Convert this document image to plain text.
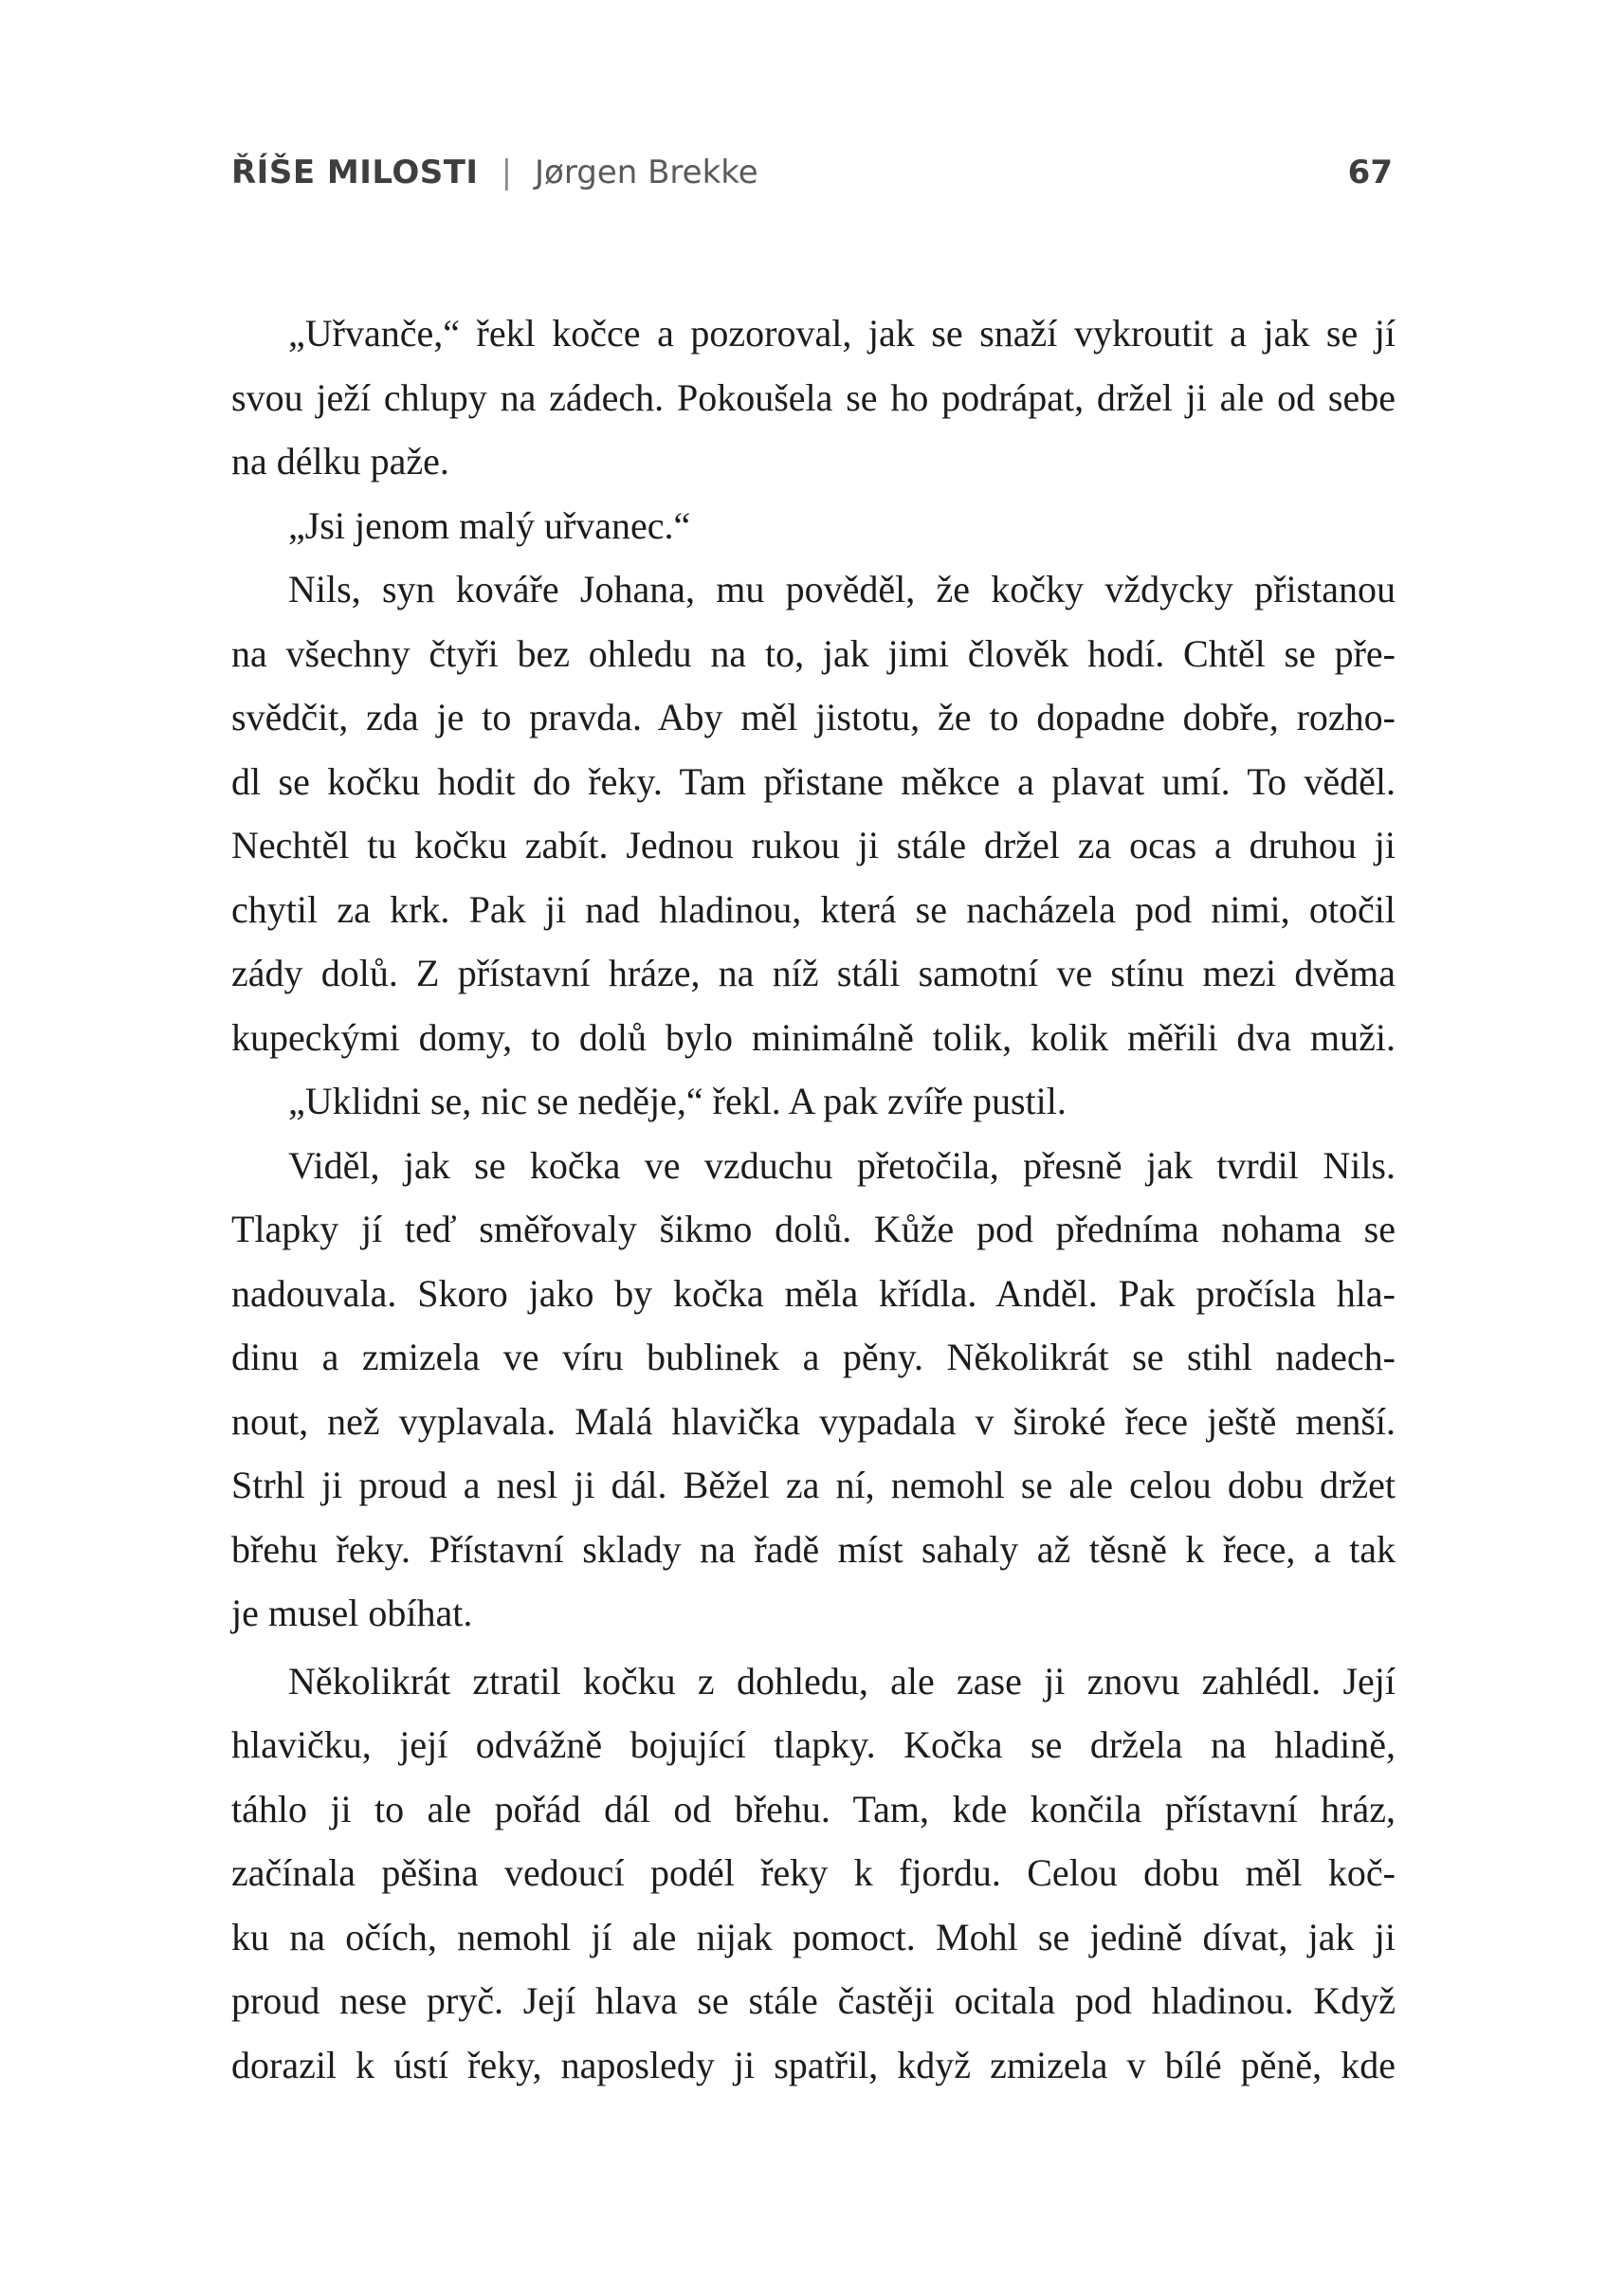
ŘÍŠE MILOSTI | Jørgen Brekke	67
„Uřvanče,“ řekl kočce a pozoroval, jak se snaží vykroutit a jak se jí
svou ježí chlupy na zádech. Pokoušela se ho podrápat, držel ji ale od sebe
na délku paže.
„Jsi jenom malý uřvanec.“
Nils, syn kováře Johana, mu pověděl, že kočky vždycky přistanou
na všechny čtyři bez ohledu na to, jak jimi člověk hodí. Chtěl se pře-
svědčit, zda je to pravda. Aby měl jistotu, že to dopadne dobře, rozho-
dl se kočku hodit do řeky. Tam přistane měkce a plavat umí. To věděl.
Nechtěl tu kočku zabít. Jednou rukou ji stále držel za ocas a druhou ji
chytil za krk. Pak ji nad hladinou, která se nacházela pod nimi, otočil
zády dolů. Z přístavní hráze, na níž stáli samotní ve stínu mezi dvěma
kupeckými domy, to dolů bylo minimálně tolik, kolik měřili dva muži.
„Uklidni se, nic se neděje,“ řekl. A pak zvíře pustil.
Viděl, jak se kočka ve vzduchu přetočila, přesně jak tvrdil Nils.
Tlapky jí teď směřovaly šikmo dolů. Kůže pod předníma nohama se
nadouvala. Skoro jako by kočka měla křídla. Anděl. Pak pročísla hla-
dinu a zmizela ve víru bublinek a pěny. Několikrát se stihl nadech-
nout, než vyplavala. Malá hlavička vypadala v široké řece ještě menší.
Strhl ji proud a nesl ji dál. Běžel za ní, nemohl se ale celou dobu držet
břehu řeky. Přístavní sklady na řadě míst sahaly až těsně k řece, a tak
je musel obíhat.
Několikrát ztratil kočku z dohledu, ale zase ji znovu zahlédl. Její
hlavičku, její odvážně bojující tlapky. Kočka se držela na hladině,
táhlo ji to ale pořád dál od břehu. Tam, kde končila přístavní hráz,
začínala pěšina vedoucí podél řeky k fjordu. Celou dobu měl koč-
ku na očích, nemohl jí ale nijak pomoct. Mohl se jedině dívat, jak ji
proud nese pryč. Její hlava se stále častěji ocitala pod hladinou. Když
dorazil k ústí řeky, naposledy ji spatřil, když zmizela v bílé pěně, kde
